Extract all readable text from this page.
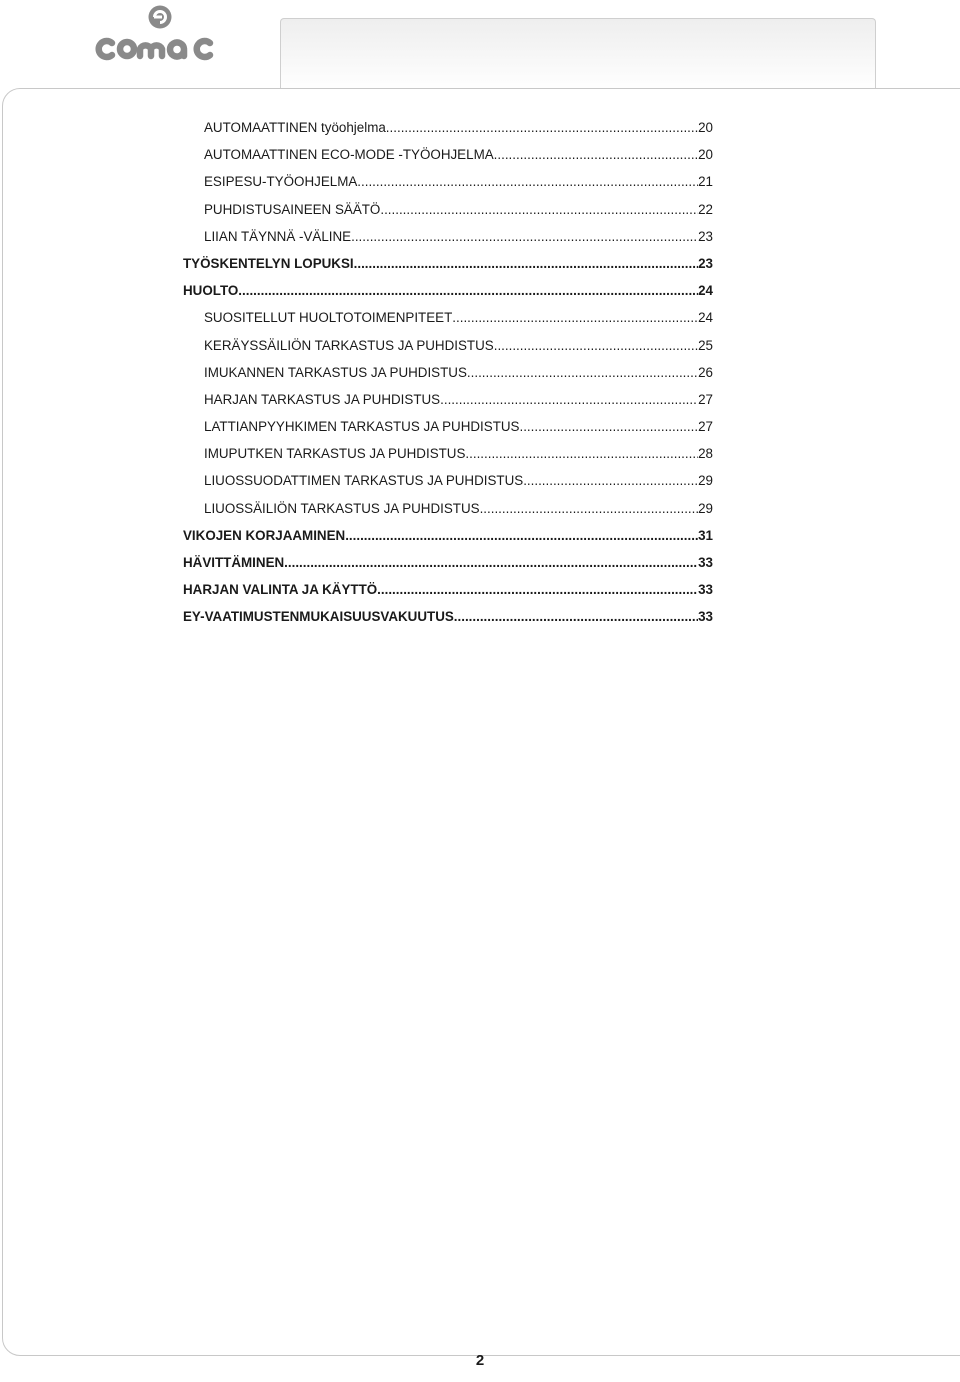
AUTOMAATTINEN työohjelma. .....	20
AUTOMAATTINEN ECO-MODE -TYÖOHJELMA .....	20
ESIPESU-TYÖOHJELMA .....	21
PUHDISTUSAINEEN SÄÄTÖ .....	22
LIIAN TÄYNNÄ -VÄLINE .....	23
TYÖSKENTELYN LOPUKSI .....	23
HUOLTO .....	24
SUOSITELLUT HUOLTOTOIMENPITEET .....	24
KERÄYSSÄILIÖN TARKASTUS JA PUHDISTUS .....	25
IMUKANNEN TARKASTUS JA PUHDISTUS .....	26
HARJAN TARKASTUS JA PUHDISTUS .....	27
LATTIANPYYHKIMEN TARKASTUS JA PUHDISTUS .....	27
IMUPUTKEN TARKASTUS JA PUHDISTUS .....	28
LIUOSSUODATTIMEN TARKASTUS JA PUHDISTUS .....	29
LIUOSSÄILIÖN TARKASTUS JA PUHDISTUS .....	29
VIKOJEN KORJAAMINEN .....	31
HÄVITTÄMINEN .....	33
HARJAN VALINTA JA KÄYTTÖ .....	33
EY-VAATIMUSTENMUKAISUUSVAKUUTUS .....	33
2
